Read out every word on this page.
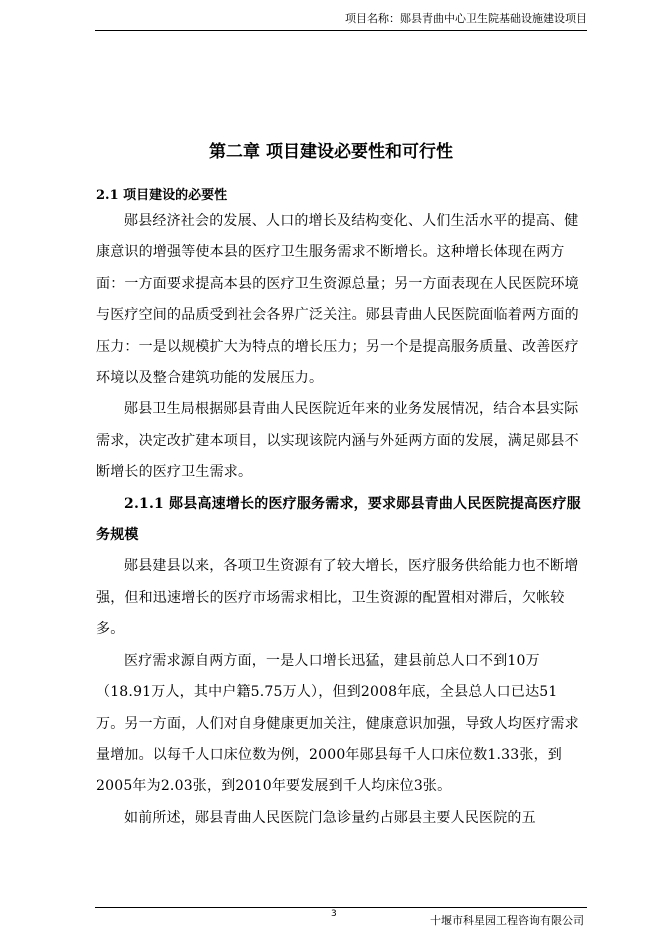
项目名称：郧县青曲中心卫生院基础设施建设项目
第二章 项目建设必要性和可行性
2.1 项目建设的必要性

郧县经济社会的发展、人口的增长及结构变化、人们生活水平的提高、健康意识的增强等使本县的医疗卫生服务需求不断增长。这种增长体现在两方面：一方面要求提高本县的医疗卫生资源总量；另一方面表现在人民医院环境与医疗空间的品质受到社会各界广泛关注。郧县青曲人民医院面临着两方面的压力：一是以规模扩大为特点的增长压力；另一个是提高服务质量、改善医疗环境以及整合建筑功能的发展压力。

郧县卫生局根据郧县青曲人民医院近年来的业务发展情况，结合本县实际需求，决定改扩建本项目，以实现该院内涵与外延两方面的发展，满足郧县不断增长的医疗卫生需求。

2.1.1 郧县高速增长的医疗服务需求，要求郧县青曲人民医院提高医疗服务规模

郧县建县以来，各项卫生资源有了较大增长，医疗服务供给能力也不断增强，但和迅速增长的医疗市场需求相比，卫生资源的配置相对滞后，欠帐较多。

医疗需求源自两方面，一是人口增长迅猛，建县前总人口不到10万（18.91万人，其中户籍5.75万人），但到2008年底，全县总人口已达51万。另一方面，人们对自身健康更加关注，健康意识加强，导致人均医疗需求量增加。以每千人口床位数为例，2000年郧县每千人口床位数1.33张，到2005年为2.03张，到2010年要发展到千人均床位3张。

如前所述，郧县青曲人民医院门急诊量约占郧县主要人民医院的五

3	十堰市科星园工程咨询有限公司
